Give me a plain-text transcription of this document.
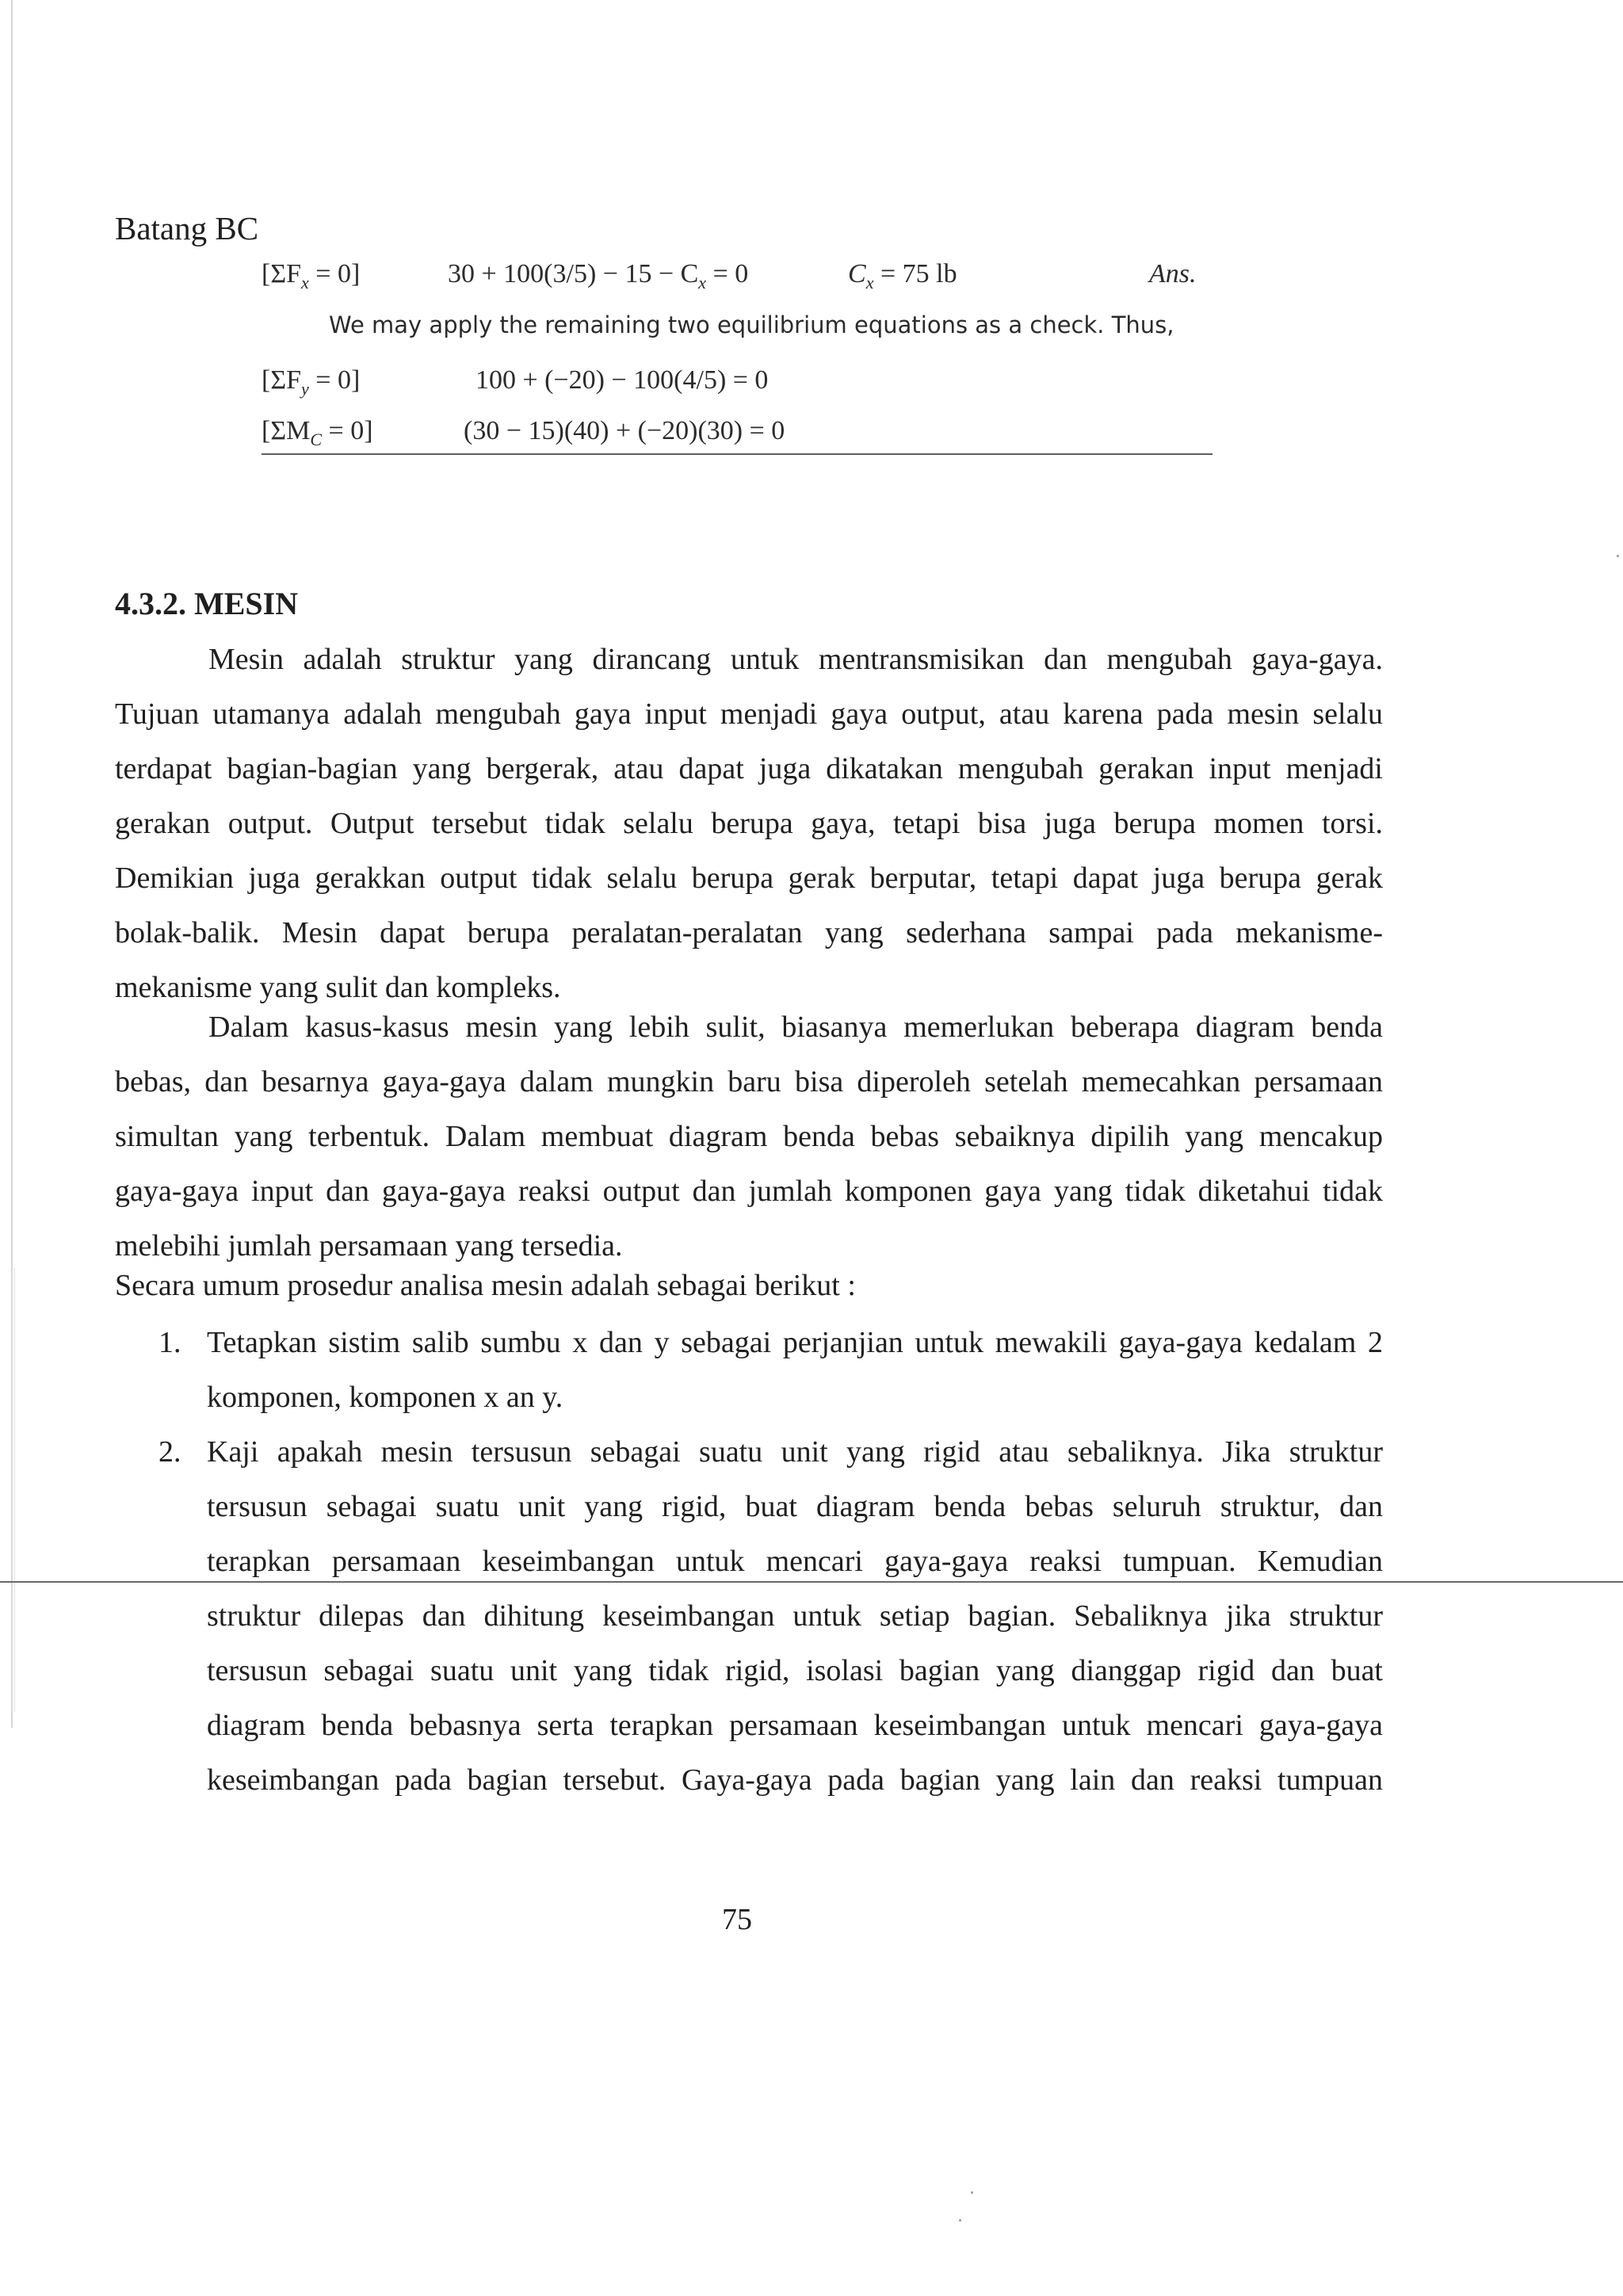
Batang BC
$[\Sigma F_x = 0]$	$30 + 100(3/5) - 15 - C_x = 0$	$C_x = 75$ lb	Ans.
We may apply the remaining two equilibrium equations as a check. Thus,
$[\Sigma F_y = 0]$	100 + (−20) − 100(4/5) = 0
$[\Sigma M_C = 0]$	(30 − 15)(40) + (−20)(30) = 0
4.3.2. MESIN
Mesin adalah struktur yang dirancang untuk mentransmisikan dan mengubah gaya-gaya.
Tujuan utamanya adalah mengubah gaya input menjadi gaya output, atau karena pada mesin selalu
terdapat bagian-bagian yang bergerak, atau dapat juga dikatakan mengubah gerakan input menjadi
gerakan output. Output tersebut tidak selalu berupa gaya, tetapi bisa juga berupa momen torsi.
Demikian juga gerakkan output tidak selalu berupa gerak berputar, tetapi dapat juga berupa gerak
bolak-balik. Mesin dapat berupa peralatan-peralatan yang sederhana sampai pada mekanisme-
mekanisme yang sulit dan kompleks.
Dalam kasus-kasus mesin yang lebih sulit, biasanya memerlukan beberapa diagram benda
bebas, dan besarnya gaya-gaya dalam mungkin baru bisa diperoleh setelah memecahkan persamaan
simultan yang terbentuk. Dalam membuat diagram benda bebas sebaiknya dipilih yang mencakup
gaya-gaya input dan gaya-gaya reaksi output dan jumlah komponen gaya yang tidak diketahui tidak
melebihi jumlah persamaan yang tersedia.
Secara umum prosedur analisa mesin adalah sebagai berikut :
1. Tetapkan sistim salib sumbu x dan y sebagai perjanjian untuk mewakili gaya-gaya kedalam 2
komponen, komponen x an y.
2. Kaji apakah mesin tersusun sebagai suatu unit yang rigid atau sebaliknya. Jika struktur
tersusun sebagai suatu unit yang rigid, buat diagram benda bebas seluruh struktur, dan
terapkan persamaan keseimbangan untuk mencari gaya-gaya reaksi tumpuan. Kemudian
struktur dilepas dan dihitung keseimbangan untuk setiap bagian. Sebaliknya jika struktur
tersusun sebagai suatu unit yang tidak rigid, isolasi bagian yang dianggap rigid dan buat
diagram benda bebasnya serta terapkan persamaan keseimbangan untuk mencari gaya-gaya
keseimbangan pada bagian tersebut. Gaya-gaya pada bagian yang lain dan reaksi tumpuan
75
